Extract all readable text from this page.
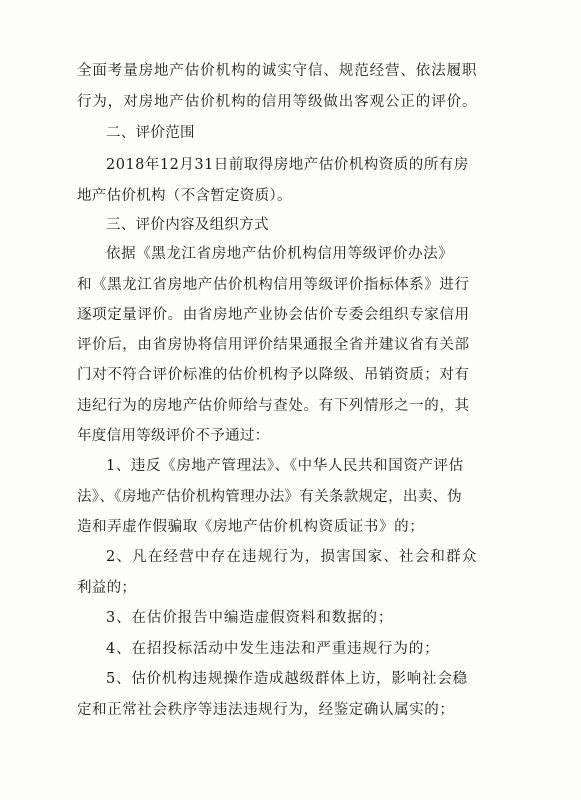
全面考量房地产估价机构的诚实守信、规范经营、依法履职
行为，对房地产估价机构的信用等级做出客观公正的评价。
二、评价范围
2018年12月31日前取得房地产估价机构资质的所有房
地产估价机构（不含暂定资质）。
三、评价内容及组织方式
依据《黑龙江省房地产估价机构信用等级评价办法》
和《黑龙江省房地产估价机构信用等级评价指标体系》进行
逐项定量评价。由省房地产业协会估价专委会组织专家信用
评价后，由省房协将信用评价结果通报全省并建议省有关部
门对不符合评价标准的估价机构予以降级、吊销资质；对有
违纪行为的房地产估价师给与查处。有下列情形之一的，其
年度信用等级评价不予通过：
1、违反《房地产管理法》、《中华人民共和国资产评估
法》、《房地产估价机构管理办法》有关条款规定，出卖、伪
造和弄虚作假骗取《房地产估价机构资质证书》的；
2、凡在经营中存在违规行为，损害国家、社会和群众
利益的；
3、在估价报告中编造虚假资料和数据的；
4、在招投标活动中发生违法和严重违规行为的；
5、估价机构违规操作造成越级群体上访，影响社会稳
定和正常社会秩序等违法违规行为，经鉴定确认属实的；
